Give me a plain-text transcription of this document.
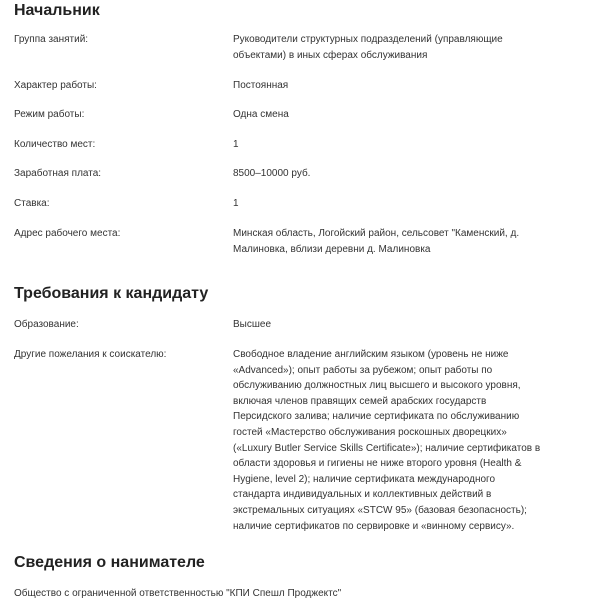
Начальник
Группа занятий:	Руководители структурных подразделений (управляющие объектами) в иных сферах обслуживания
Характер работы:	Постоянная
Режим работы:	Одна смена
Количество мест:	1
Заработная плата:	8500–10000 руб.
Ставка:	1
Адрес рабочего места:	Минская область, Логойский район, сельсовет "Каменский, д. Малиновка, вблизи деревни д. Малиновка
Требования к кандидату
Образование:	Высшее
Другие пожелания к соискателю:	Свободное владение английским языком (уровень не ниже «Advanced»); опыт работы за рубежом; опыт работы по обслуживанию должностных лиц высшего и высокого уровня, включая членов правящих семей арабских государств Персидского залива; наличие сертификата по обслуживанию гостей «Мастерство обслуживания роскошных дворецких» («Luxury Butler Service Skills Certificate»); наличие сертификатов в области здоровья и гигиены не ниже второго уровня (Health & Hygiene, level 2); наличие сертификата международного стандарта индивидуальных и коллективных действий в экстремальных ситуациях «STCW 95» (базовая безопасность); наличие сертификатов по сервировке и «винному сервису».
Сведения о нанимателе
Общество с ограниченной ответственностью "КПИ Спешл Проджектс"
